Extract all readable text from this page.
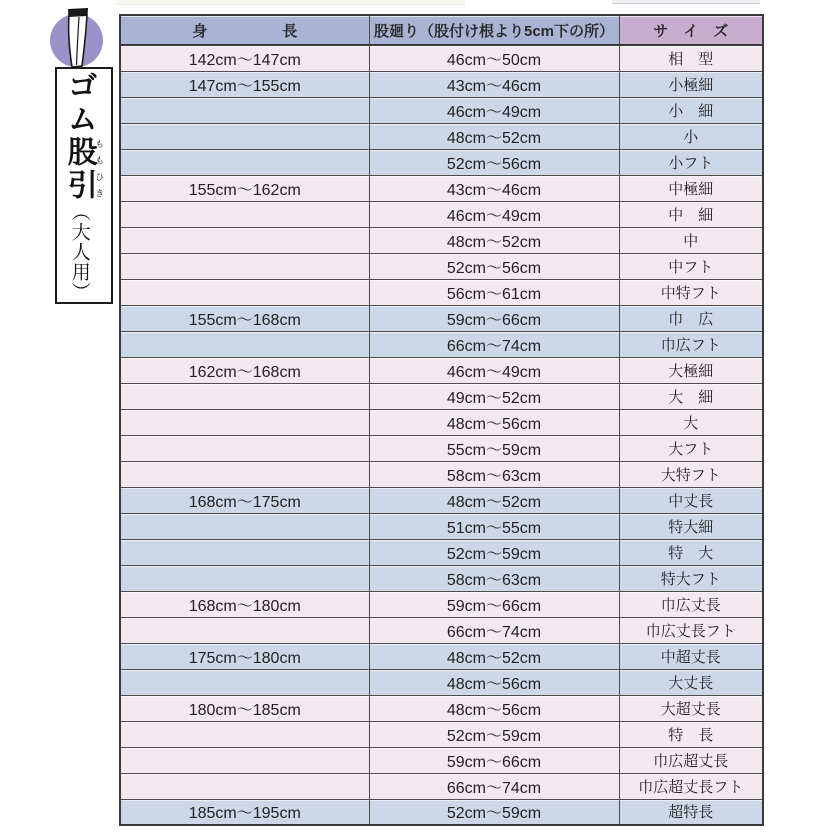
ゴム股もも引ひき（大人用）
身　　　　　長	股廻り（股付け根より5cm下の所）	サ　イ　ズ
142cm～147cm	46cm～50cm	相　型
147cm～155cm	43cm～46cm	小極細
	46cm～49cm	小　細
	48cm～52cm	小
	52cm～56cm	小フト
155cm～162cm	43cm～46cm	中極細
	46cm～49cm	中　細
	48cm～52cm	中
	52cm～56cm	中フト
	56cm～61cm	中特フト
155cm～168cm	59cm～66cm	巾　広
	66cm～74cm	巾広フト
162cm～168cm	46cm～49cm	大極細
	49cm～52cm	大　細
	48cm～56cm	大
	55cm～59cm	大フト
	58cm～63cm	大特フト
168cm～175cm	48cm～52cm	中丈長
	51cm～55cm	特大細
	52cm～59cm	特　大
	58cm～63cm	特大フト
168cm～180cm	59cm～66cm	巾広丈長
	66cm～74cm	巾広丈長フト
175cm～180cm	48cm～52cm	中超丈長
	48cm～56cm	大丈長
180cm～185cm	48cm～56cm	大超丈長
	52cm～59cm	特　長
	59cm～66cm	巾広超丈長
	66cm～74cm	巾広超丈長フト
185cm～195cm	52cm～59cm	超特長
